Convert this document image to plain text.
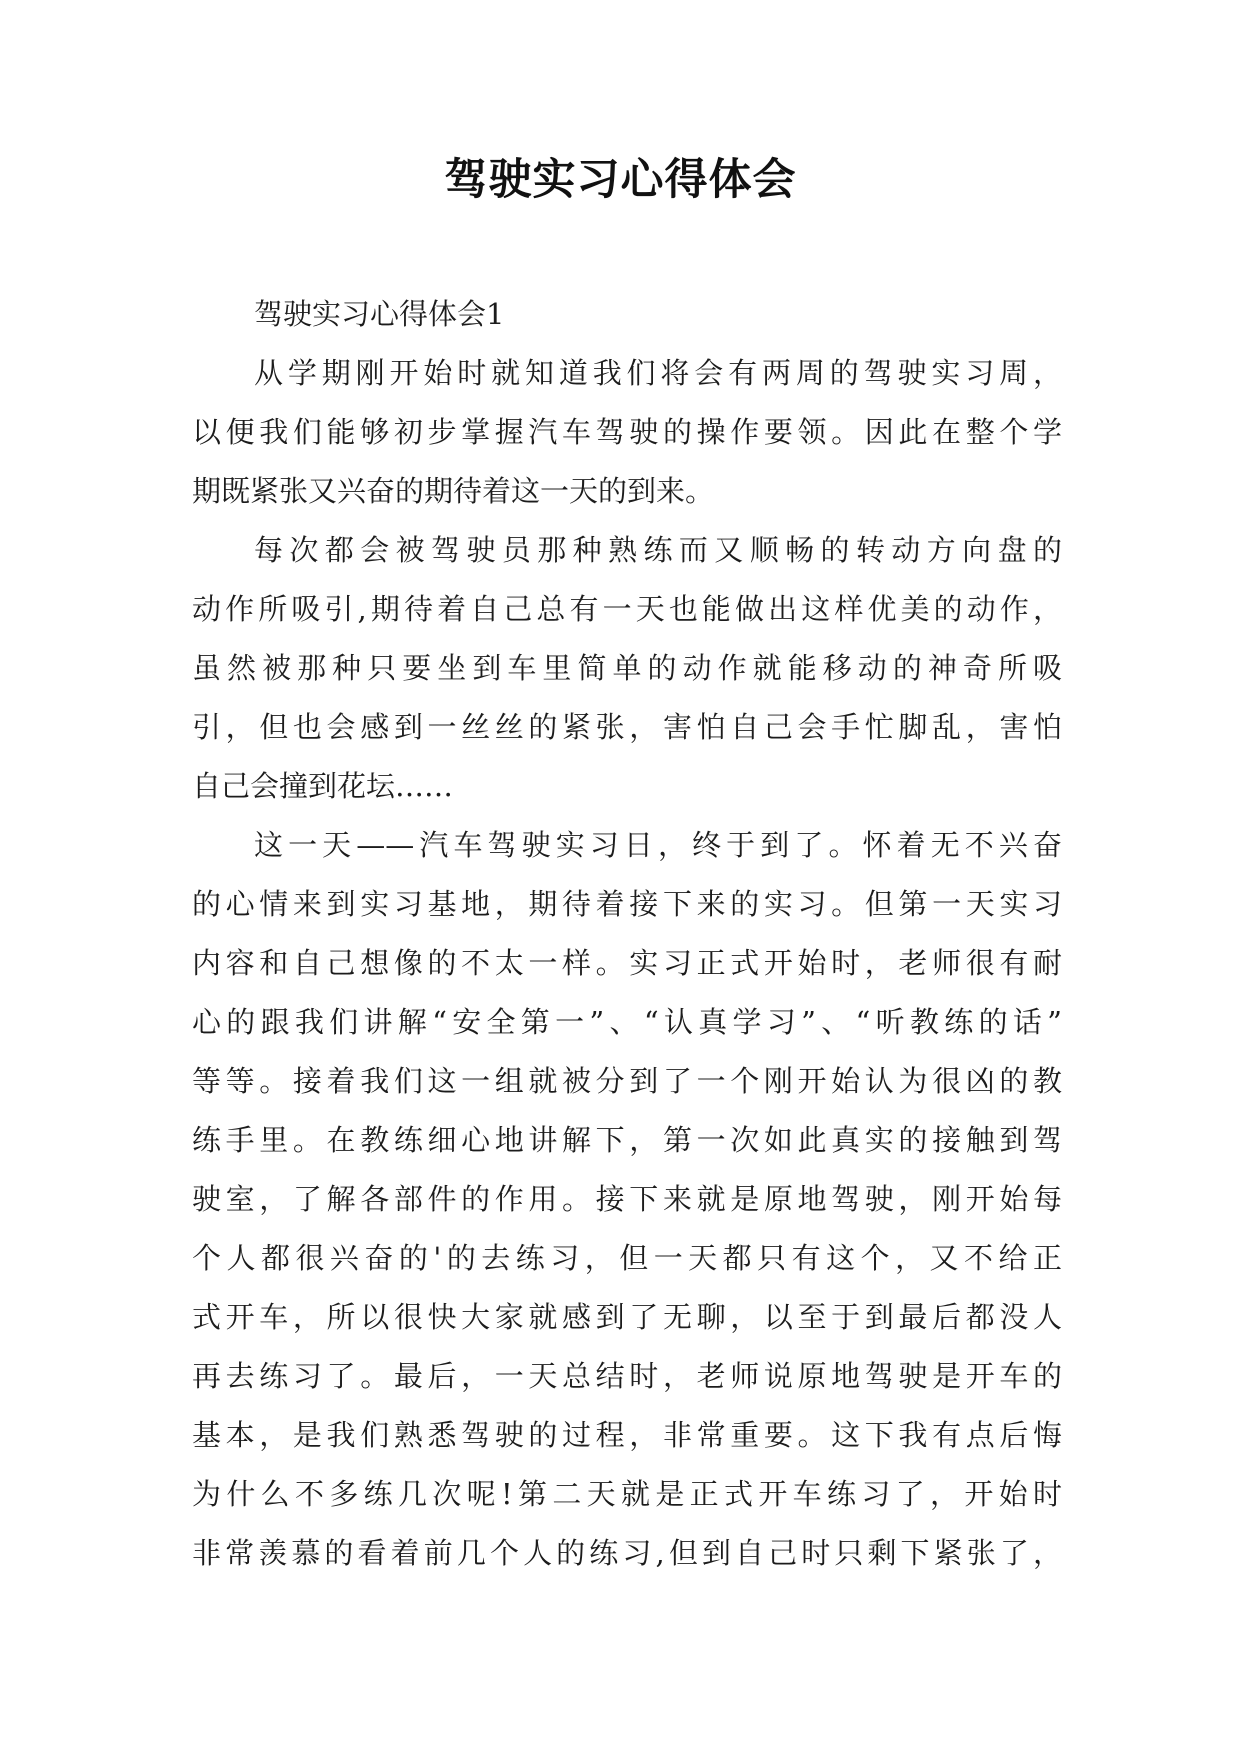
驾驶实习心得体会
驾驶实习心得体会1
从学期刚开始时就知道我们将会有两周的驾驶实习周，
以便我们能够初步掌握汽车驾驶的操作要领。因此在整个学
期既紧张又兴奋的期待着这一天的到来。
每次都会被驾驶员那种熟练而又顺畅的转动方向盘的
动作所吸引,期待着自己总有一天也能做出这样优美的动作，
虽然被那种只要坐到车里简单的动作就能移动的神奇所吸
引，但也会感到一丝丝的紧张，害怕自己会手忙脚乱，害怕
自己会撞到花坛……
这一天——汽车驾驶实习日，终于到了。怀着无不兴奋
的心情来到实习基地，期待着接下来的实习。但第一天实习
内容和自己想像的不太一样。实习正式开始时，老师很有耐
心的跟我们讲解“安全第一”、“认真学习”、“听教练的话”
等等。接着我们这一组就被分到了一个刚开始认为很凶的教
练手里。在教练细心地讲解下，第一次如此真实的接触到驾
驶室，了解各部件的作用。接下来就是原地驾驶，刚开始每
个人都很兴奋的'的去练习，但一天都只有这个，又不给正
式开车，所以很快大家就感到了无聊，以至于到最后都没人
再去练习了。最后，一天总结时，老师说原地驾驶是开车的
基本，是我们熟悉驾驶的过程，非常重要。这下我有点后悔
为什么不多练几次呢!第二天就是正式开车练习了，开始时
非常羡慕的看着前几个人的练习,但到自己时只剩下紧张了，
